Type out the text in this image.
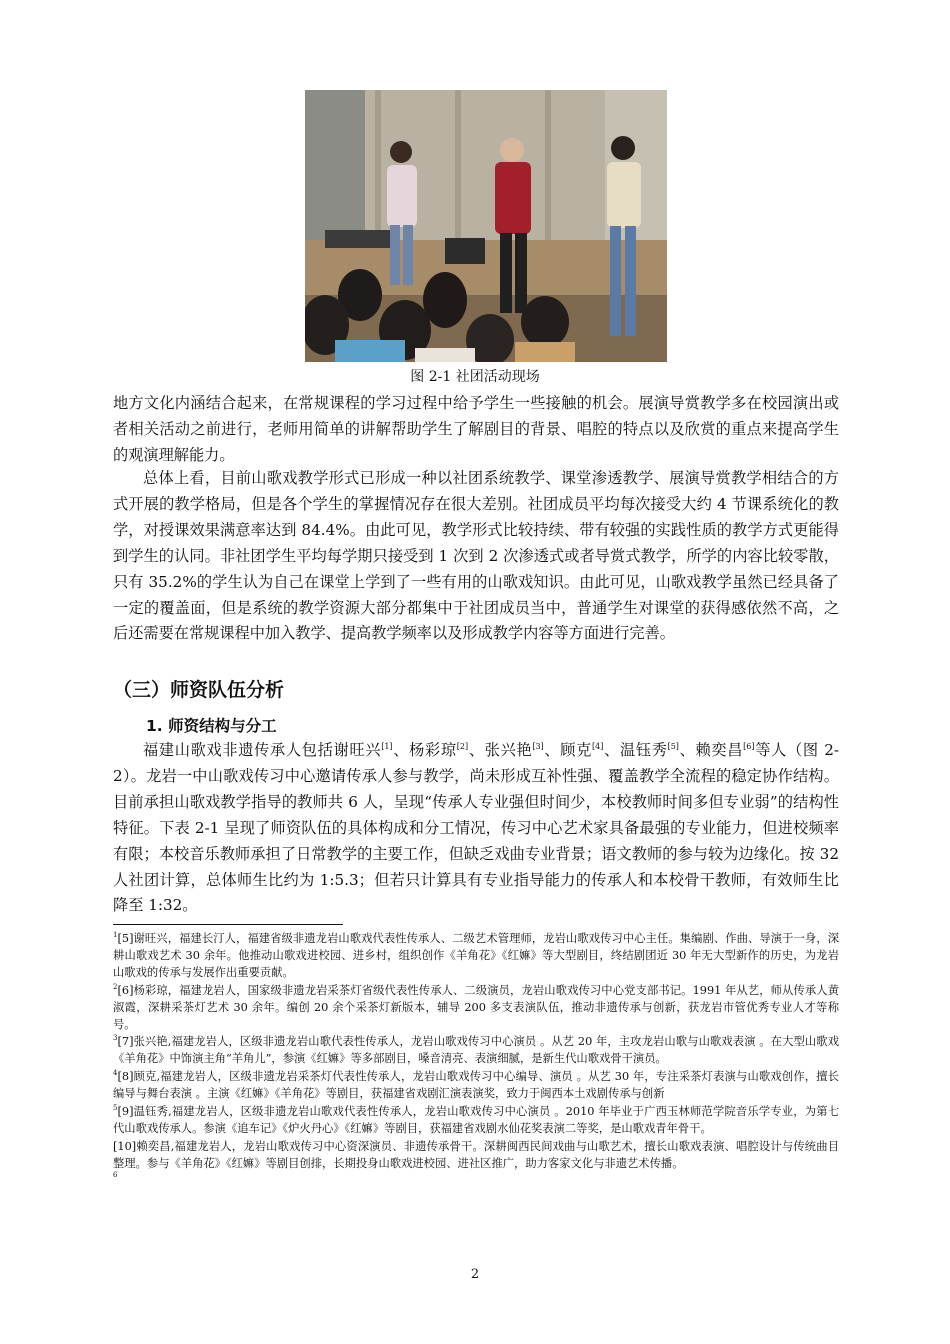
图 2-1 社团活动现场

地方文化内涵结合起来，在常规课程的学习过程中给予学生一些接触的机会。展演导赏教学多在校园演出或者相关活动之前进行，老师用简单的讲解帮助学生了解剧目的背景、唱腔的特点以及欣赏的重点来提高学生的观演理解能力。

总体上看，目前山歌戏教学形式已形成一种以社团系统教学、课堂渗透教学、展演导赏教学相结合的方式开展的教学格局，但是各个学生的掌握情况存在很大差别。社团成员平均每次接受大约 4 节课系统化的教学，对授课效果满意率达到 84.4%。由此可见，教学形式比较持续、带有较强的实践性质的教学方式更能得到学生的认同。非社团学生平均每学期只接受到 1 次到 2 次渗透式或者导赏式教学，所学的内容比较零散，只有 35.2%的学生认为自己在课堂上学到了一些有用的山歌戏知识。由此可见，山歌戏教学虽然已经具备了一定的覆盖面，但是系统的教学资源大部分都集中于社团成员当中，普通学生对课堂的获得感依然不高，之后还需要在常规课程中加入教学、提高教学频率以及形成教学内容等方面进行完善。

（三）师资队伍分析
1. 师资结构与分工

福建山歌戏非遗传承人包括谢旺兴[1]、杨彩琼[2]、张兴艳[3]、顾克[4]、温钰秀[5]、赖奕昌[6]等人（图 2-2）。龙岩一中山歌戏传习中心邀请传承人参与教学，尚未形成互补性强、覆盖教学全流程的稳定协作结构。目前承担山歌戏教学指导的教师共 6 人，呈现“传承人专业强但时间少，本校教师时间多但专业弱”的结构性特征。下表 2-1 呈现了师资队伍的具体构成和分工情况，传习中心艺术家具备最强的专业能力，但进校频率有限；本校音乐教师承担了日常教学的主要工作，但缺乏戏曲专业背景；语文教师的参与较为边缘化。按 32 人社团计算，总体师生比约为 1:5.3；但若只计算具有专业指导能力的传承人和本校骨干教师，有效师生比降至 1:32。

$^1$[5]谢旺兴，福建长汀人，福建省级非遗龙岩山歌戏代表性传承人、二级艺术管理师，龙岩山歌戏传习中心主任。集编剧、作曲、导演于一身，深耕山歌戏艺术 30 余年。他推动山歌戏进校园、进乡村，组织创作《羊角花》《红嫲》等大型剧目，终结剧团近 30 年无大型新作的历史，为龙岩山歌戏的传承与发展作出重要贡献。

$^2$[6]杨彩琼，福建龙岩人，国家级非遗龙岩采茶灯省级代表性传承人、二级演员，龙岩山歌戏传习中心党支部书记。1991 年从艺，师从传承人黄淑霞，深耕采茶灯艺术 30 余年。编创 20 余个采茶灯新版本，辅导 200 多支表演队伍，推动非遗传承与创新，获龙岩市管优秀专业人才等称号。

$^3$[7]张兴艳,福建龙岩人，区级非遗龙岩山歌代表性传承人，龙岩山歌戏传习中心演员 。从艺 20 年，主攻龙岩山歌与山歌戏表演 。在大型山歌戏《羊角花》中饰演主角“羊角儿”，参演《红嫲》等多部剧目，嗓音清亮、表演细腻，是新生代山歌戏骨干演员。

$^4$[8]顾克,福建龙岩人，区级非遗龙岩采茶灯代表性传承人，龙岩山歌戏传习中心编导、演员 。从艺 30 年，专注采茶灯表演与山歌戏创作，擅长编导与舞台表演 。主演《红嫲》《羊角花》等剧目，获福建省戏剧汇演表演奖，致力于闽西本土戏剧传承与创新

$^5$[9]温钰秀,福建龙岩人，区级非遗龙岩山歌戏代表性传承人，龙岩山歌戏传习中心演员 。2010 年毕业于广西玉林师范学院音乐学专业，为第七代山歌戏传承人。参演《追车记》《炉火丹心》《红嫲》等剧目，获福建省戏剧水仙花奖表演二等奖，是山歌戏青年骨干。

[10]赖奕昌,福建龙岩人，龙岩山歌戏传习中心资深演员、非遗传承骨干。深耕闽西民间戏曲与山歌艺术，擅长山歌戏表演、唱腔设计与传统曲目整理。参与《羊角花》《红嫲》等剧目创排，长期投身山歌戏进校园、进社区推广，助力客家文化与非遗艺术传播。

$^6$

2
